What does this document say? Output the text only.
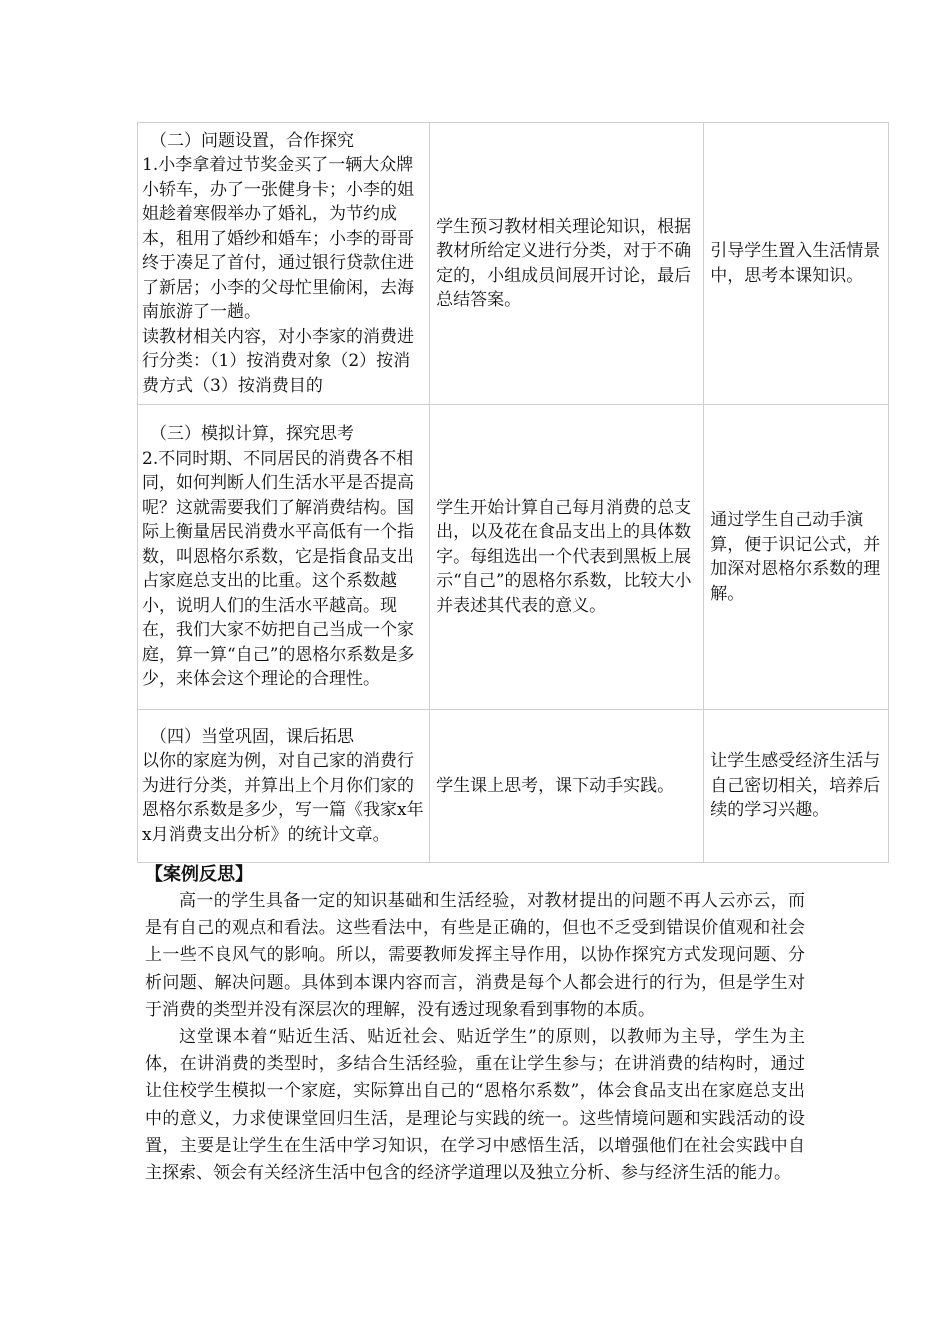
（二）问题设置，合作探究
1.小李拿着过节奖金买了一辆大众牌小轿车，办了一张健身卡；小李的姐姐趁着寒假举办了婚礼，为节约成本，租用了婚纱和婚车；小李的哥哥终于凑足了首付，通过银行贷款住进了新居；小李的父母忙里偷闲，去海南旅游了一趟。
读教材相关内容，对小李家的消费进行分类：（1）按消费对象（2）按消费方式（3）按消费目的	学生预习教材相关理论知识，根据教材所给定义进行分类，对于不确定的，小组成员间展开讨论，最后总结答案。	引导学生置入生活情景中，思考本课知识。

（三）模拟计算，探究思考
2.不同时期、不同居民的消费各不相同，如何判断人们生活水平是否提高呢？这就需要我们了解消费结构。国际上衡量居民消费水平高低有一个指数，叫恩格尔系数，它是指食品支出占家庭总支出的比重。这个系数越小，说明人们的生活水平越高。现在，我们大家不妨把自己当成一个家庭，算一算“自己”的恩格尔系数是多少，来体会这个理论的合理性。	学生开始计算自己每月消费的总支出，以及花在食品支出上的具体数字。每组选出一个代表到黑板上展示“自己”的恩格尔系数，比较大小并表述其代表的意义。	通过学生自己动手演算，便于识记公式，并加深对恩格尔系数的理解。

（四）当堂巩固，课后拓思
以你的家庭为例，对自己家的消费行为进行分类，并算出上个月你们家的恩格尔系数是多少，写一篇《我家x年x月消费支出分析》的统计文章。	学生课上思考，课下动手实践。	让学生感受经济生活与自己密切相关，培养后续的学习兴趣。
【案例反思】

高一的学生具备一定的知识基础和生活经验，对教材提出的问题不再人云亦云，而是有自己的观点和看法。这些看法中，有些是正确的，但也不乏受到错误价值观和社会上一些不良风气的影响。所以，需要教师发挥主导作用，以协作探究方式发现问题、分析问题、解决问题。具体到本课内容而言，消费是每个人都会进行的行为，但是学生对于消费的类型并没有深层次的理解，没有透过现象看到事物的本质。

这堂课本着“贴近生活、贴近社会、贴近学生”的原则，以教师为主导，学生为主体，在讲消费的类型时，多结合生活经验，重在让学生参与；在讲消费的结构时，通过让住校学生模拟一个家庭，实际算出自己的“恩格尔系数”，体会食品支出在家庭总支出中的意义，力求使课堂回归生活，是理论与实践的统一。这些情境问题和实践活动的设置，主要是让学生在生活中学习知识，在学习中感悟生活，以增强他们在社会实践中自主探索、领会有关经济生活中包含的经济学道理以及独立分析、参与经济生活的能力。
